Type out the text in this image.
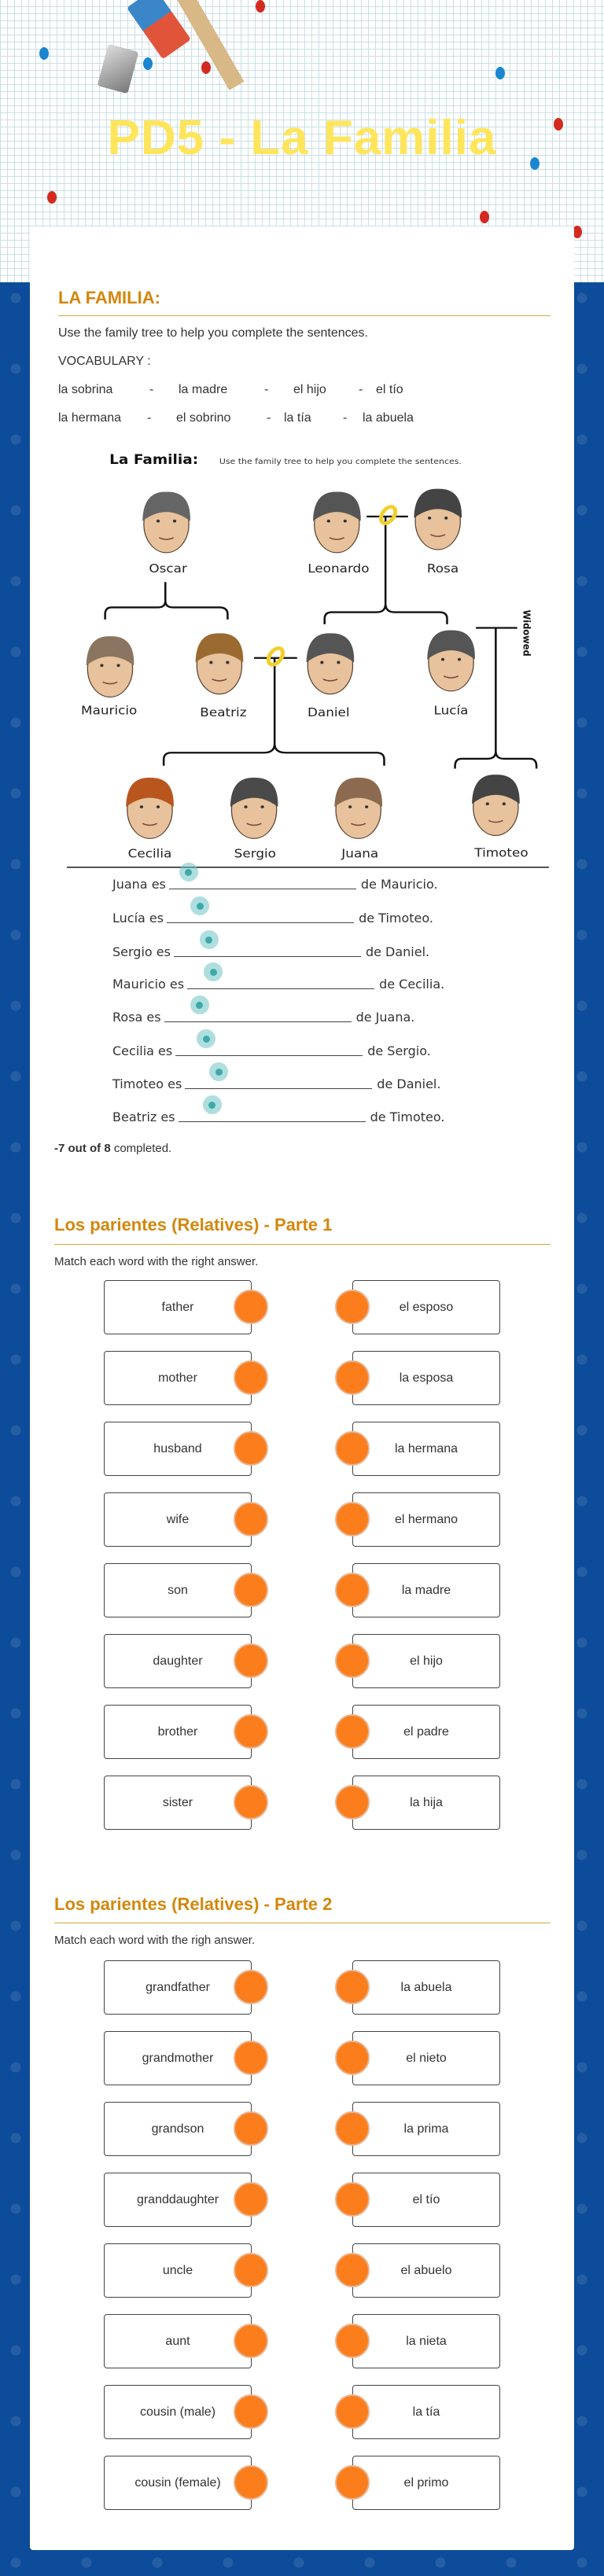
PD5 - La Familia
LA FAMILIA:
Use the family tree to help you complete the sentences.
VOCABULARY :
la sobrina	- la madre	- el hijo	- el tío
la hermana - el sobrino	- la tía	- la abuela
La Familia: Use the family tree to help you complete the sentences.
Widowed
Oscar	Leonardo Rosa
Mauricio Beatriz Daniel	Lucía
Cecilia Sergio Juana	Timoteo
Juana es	de Mauricio.
Lucía es	de Timoteo.
Sergio es	de Daniel.
Mauricio es	de Cecilia.
Rosa es	de Juana.
Cecilia es	de Sergio.
Timoteo es	de Daniel.
Beatriz es	de Timoteo.
-7 out of 8 completed.
Los parientes (Relatives) - Parte 1
Match each word with the right answer.
father	el esposo
mother	la esposa
husband	la hermana
wife	el hermano
son	la madre
daughter	el hijo
brother	el padre
sister	la hija
Los parientes (Relatives) - Parte 2
Match each word with the righ answer.
grandfather	la abuela
grandmother	el nieto
grandson	la prima
granddaughter	el tío
uncle	el abuelo
aunt	la nieta
cousin (male)	la tía
cousin (female)	el primo
